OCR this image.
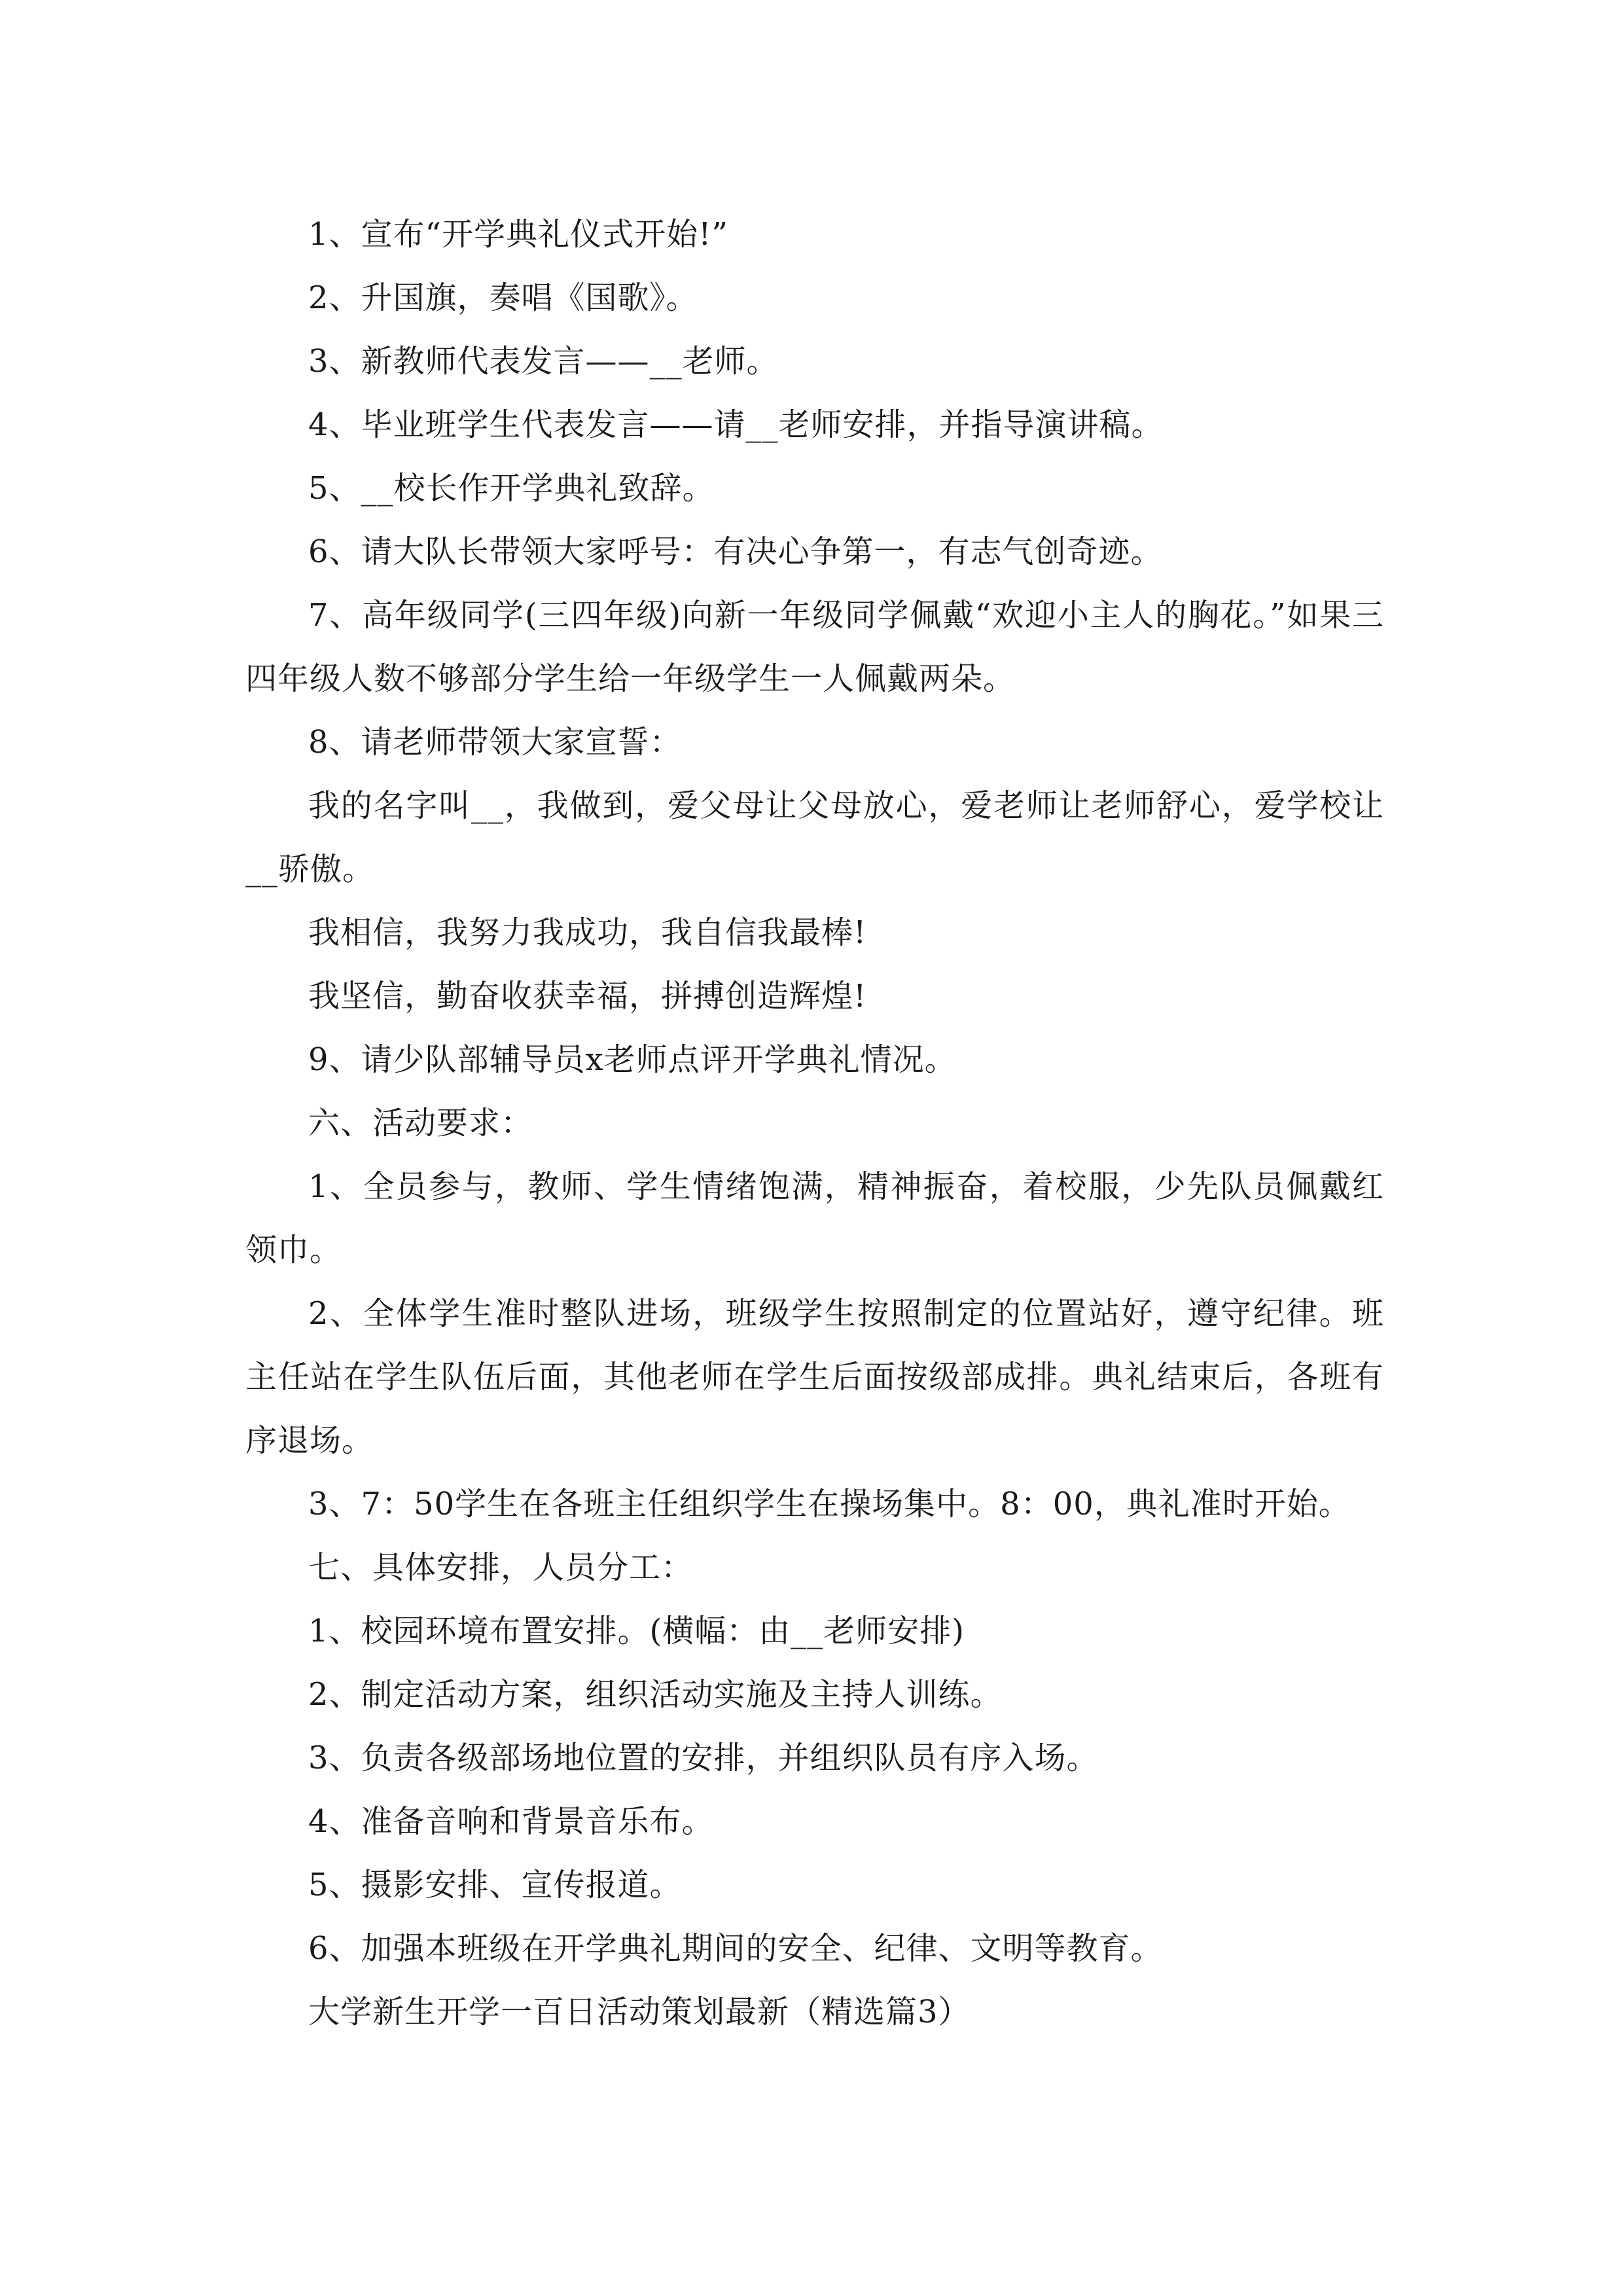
1、宣布“开学典礼仪式开始!”

2、升国旗，奏唱《国歌》。

3、新教师代表发言——__老师。

4、毕业班学生代表发言——请__老师安排，并指导演讲稿。

5、__校长作开学典礼致辞。

6、请大队长带领大家呼号：有决心争第一，有志气创奇迹。

7、高年级同学(三四年级)向新一年级同学佩戴“欢迎小主人的胸花。”如果三四年级人数不够部分学生给一年级学生一人佩戴两朵。

8、请老师带领大家宣誓：

我的名字叫__，我做到，爱父母让父母放心，爱老师让老师舒心，爱学校让__骄傲。

我相信，我努力我成功，我自信我最棒!

我坚信，勤奋收获幸福，拼搏创造辉煌!

9、请少队部辅导员x老师点评开学典礼情况。

六、活动要求：

1、全员参与，教师、学生情绪饱满，精神振奋，着校服，少先队员佩戴红领巾。

2、全体学生准时整队进场，班级学生按照制定的位置站好，遵守纪律。班主任站在学生队伍后面，其他老师在学生后面按级部成排。典礼结束后，各班有序退场。

3、7：50学生在各班主任组织学生在操场集中。8：00，典礼准时开始。

七、具体安排，人员分工：

1、校园环境布置安排。(横幅：由__老师安排)

2、制定活动方案，组织活动实施及主持人训练。

3、负责各级部场地位置的安排，并组织队员有序入场。

4、准备音响和背景音乐布。

5、摄影安排、宣传报道。

6、加强本班级在开学典礼期间的安全、纪律、文明等教育。

大学新生开学一百日活动策划最新（精选篇3）
